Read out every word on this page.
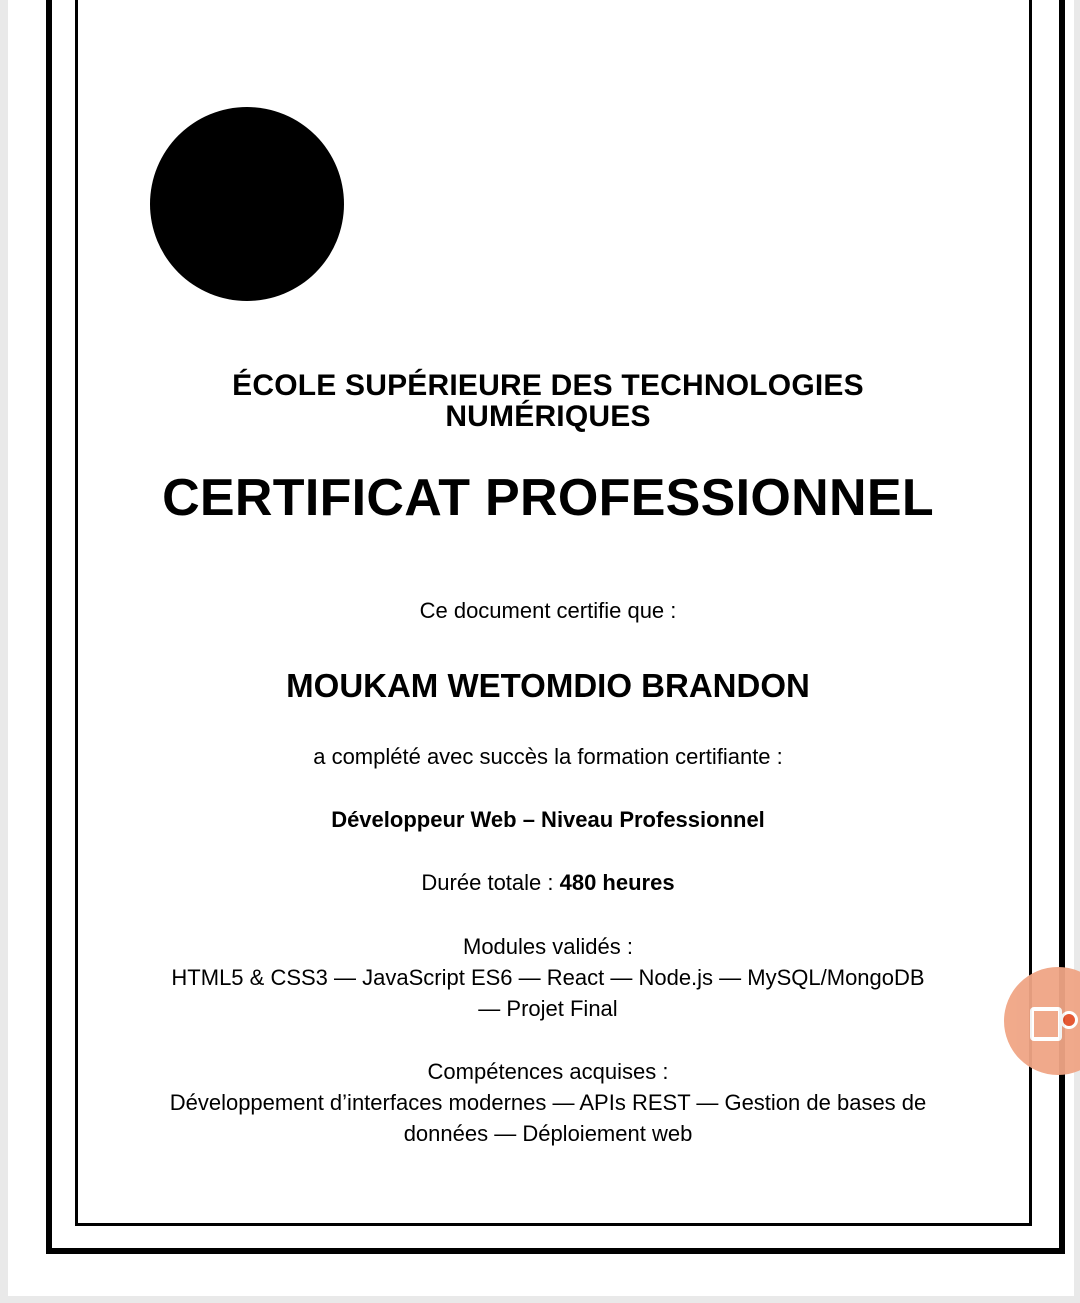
ÉCOLE SUPÉRIEURE DES TECHNOLOGIES
NUMÉRIQUES
CERTIFICAT PROFESSIONNEL
Ce document certifie que :
MOUKAM WETOMDIO BRANDON
a complété avec succès la formation certifiante :
Développeur Web – Niveau Professionnel
Durée totale : 480 heures
Modules validés :
HTML5 & CSS3 — JavaScript ES6 — React — Node.js — MySQL/MongoDB
— Projet Final
Compétences acquises :
Développement d’interfaces modernes — APIs REST — Gestion de bases de
données — Déploiement web
